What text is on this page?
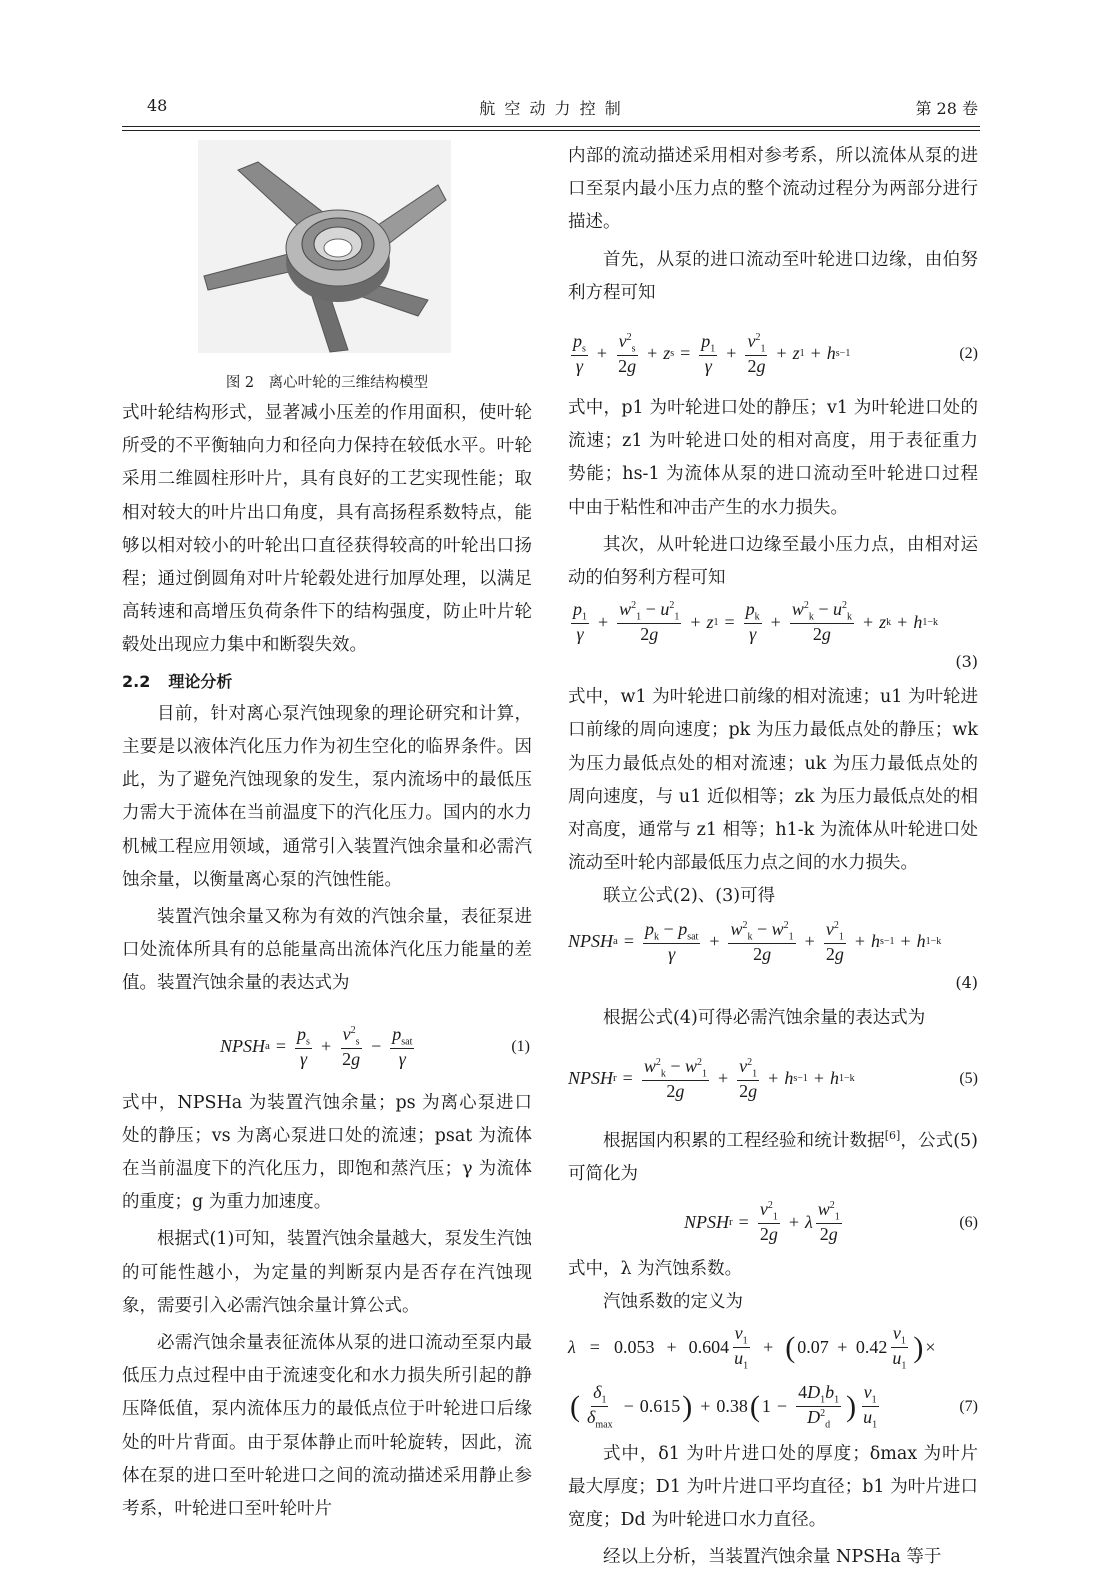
48	航 空 动 力 控 制	第 28 卷
图 2　离心叶轮的三维结构模型

式叶轮结构形式，显著减小压差的作用面积，使叶轮所受的不平衡轴向力和径向力保持在较低水平。叶轮采用二维圆柱形叶片，具有良好的工艺实现性能；取相对较大的叶片出口角度，具有高扬程系数特点，能够以相对较小的叶轮出口直径获得较高的叶轮出口扬程；通过倒圆角对叶片轮毂处进行加厚处理，以满足高转速和高增压负荷条件下的结构强度，防止叶片轮毂处出现应力集中和断裂失效。

2.2 理论分析

目前，针对离心泵汽蚀现象的理论研究和计算，主要是以液体汽化压力作为初生空化的临界条件。因此，为了避免汽蚀现象的发生，泵内流场中的最低压力需大于流体在当前温度下的汽化压力。国内的水力机械工程应用领域，通常引入装置汽蚀余量和必需汽蚀余量，以衡量离心泵的汽蚀性能。

装置汽蚀余量又称为有效的汽蚀余量，表征泵进口处流体所具有的总能量高出流体汽化压力能量的差值。装置汽蚀余量的表达式为

NPSH $a = \frac{p_s}{\gamma} + \frac{v^2_s}{2g}$ −
$p_{sat}$
γ
(1)

式中，NPSHa 为装置汽蚀余量；ps 为离心泵进口处的静压；vs 为离心泵进口处的流速；psat 为流体在当前温度下的汽化压力，即饱和蒸汽压；γ 为流体的重度；g 为重力加速度。

根据式(1)可知，装置汽蚀余量越大，泵发生汽蚀的可能性越小，为定量的判断泵内是否存在汽蚀现象，需要引入必需汽蚀余量计算公式。

必需汽蚀余量表征流体从泵的进口流动至泵内最低压力点过程中由于流速变化和水力损失所引起的静压降低值，泵内流体压力的最低点位于叶轮进口后缘处的叶片背面。由于泵体静止而叶轮旋转，因此，流体在泵的进口至叶轮进口之间的流动描述采用静止参考系，叶轮进口至叶轮叶片

内部的流动描述采用相对参考系，所以流体从泵的进口至泵内最小压力点的整个流动过程分为两部分进行描述。

首先，从泵的进口流动至叶轮进口边缘，由伯努利方程可知

$p_s$
γ
+ $\frac{v^2_s}{2g} + z$ $s = \frac{p_1}{\gamma} + \frac{v^2_1}{2g} + z$ 1 + h s−1	(2)

式中，p1 为叶轮进口处的静压；v1 为叶轮进口处的流速；z1 为叶轮进口处的相对高度，用于表征重力势能；hs-1 为流体从泵的进口流动至叶轮进口过程中由于粘性和冲击产生的水力损失。

其次，从叶轮进口边缘至最小压力点，由相对运动的伯努利方程可知

$p_1$
γ
+ $\frac{w^2_1 - u^2_1}{2g} + z$ $1 = \frac{p_k}{\gamma} + \frac{w^2_k - u^2_k}{2g} + z$ k + h 1−k
(3)

式中，w1 为叶轮进口前缘的相对流速；u1 为叶轮进口前缘的周向速度；pk 为压力最低点处的静压；wk 为压力最低点处的相对流速；uk 为压力最低点处的周向速度，与 u1 近似相等；zk 为压力最低点处的相对高度，通常与 z1 相等；h1-k 为流体从叶轮进口处流动至叶轮内部最低压力点之间的水力损失。

联立公式(2)、(3)可得

NPSH a =
$p_k - p_{sat}$
γ
+ $\frac{w^2_k - w^2_1}{2g} + \frac{v^2_1}{2g} + h$ s−1 + h 1−k
(4)

根据公式(4)可得必需汽蚀余量的表达式为

NPSH $r = \frac{w^2_k - w^2_1}{2g} + \frac{v^2_1}{2g} + h$ s−1 + h 1−k	(5)

根据国内积累的工程经验和统计数据[6]，公式(5)可简化为

NPSH $r = \frac{v^2_1}{2g} + \lambda$
$w^2_1$
2g
(6)

式中，λ 为汽蚀系数。

汽蚀系数的定义为

$\lambda = 0.053 + 0.604 \frac{v_1}{u_1}$ + ( 0.07 + 0.42
$v_1$
$u_1$
) ×
( $\delta_1$
$\delta_{max}$
− 0.615 ) + 0.38 ( $1 - \frac{4D_1b_1}{D^2_d}$ ) $v_1$
$u_1$
(7)

式中，δ1 为叶片进口处的厚度；δmax 为叶片最大厚度；D1 为叶片进口平均直径；b1 为叶片进口宽度；Dd 为叶轮进口水力直径。

经以上分析，当装置汽蚀余量 NPSHa 等于
